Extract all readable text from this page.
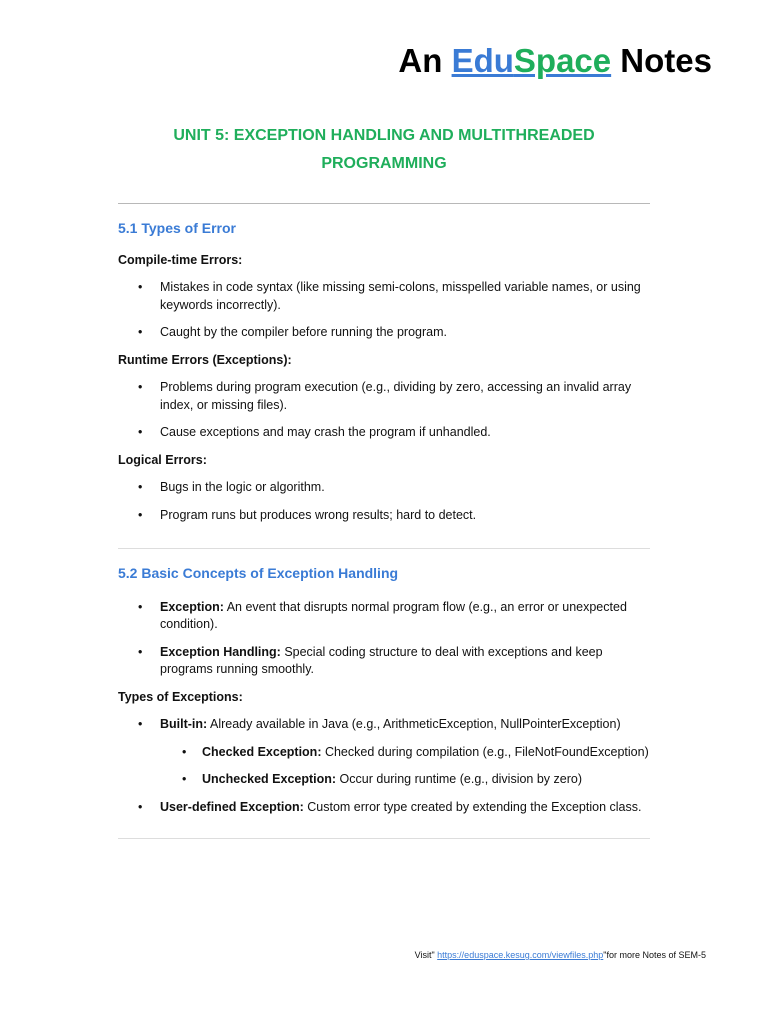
An EduSpace Notes
UNIT 5: EXCEPTION HANDLING AND MULTITHREADED
PROGRAMMING
5.1 Types of Error
Compile-time Errors:
• Mistakes in code syntax (like missing semi-colons, misspelled variable names, or using keywords incorrectly).
• Caught by the compiler before running the program.
Runtime Errors (Exceptions):
• Problems during program execution (e.g., dividing by zero, accessing an invalid array index, or missing files).
• Cause exceptions and may crash the program if unhandled.
Logical Errors:
• Bugs in the logic or algorithm.
• Program runs but produces wrong results; hard to detect.
5.2 Basic Concepts of Exception Handling
• Exception: An event that disrupts normal program flow (e.g., an error or unexpected condition).
• Exception Handling: Special coding structure to deal with exceptions and keep programs running smoothly.
Types of Exceptions:
• Built-in: Already available in Java (e.g., ArithmeticException, NullPointerException)
• Checked Exception: Checked during compilation (e.g., FileNotFoundException)
• Unchecked Exception: Occur during runtime (e.g., division by zero)
• User-defined Exception: Custom error type created by extending the Exception class.
Visit" https://eduspace.kesug.com/viewfiles.php"for more Notes of SEM-5
